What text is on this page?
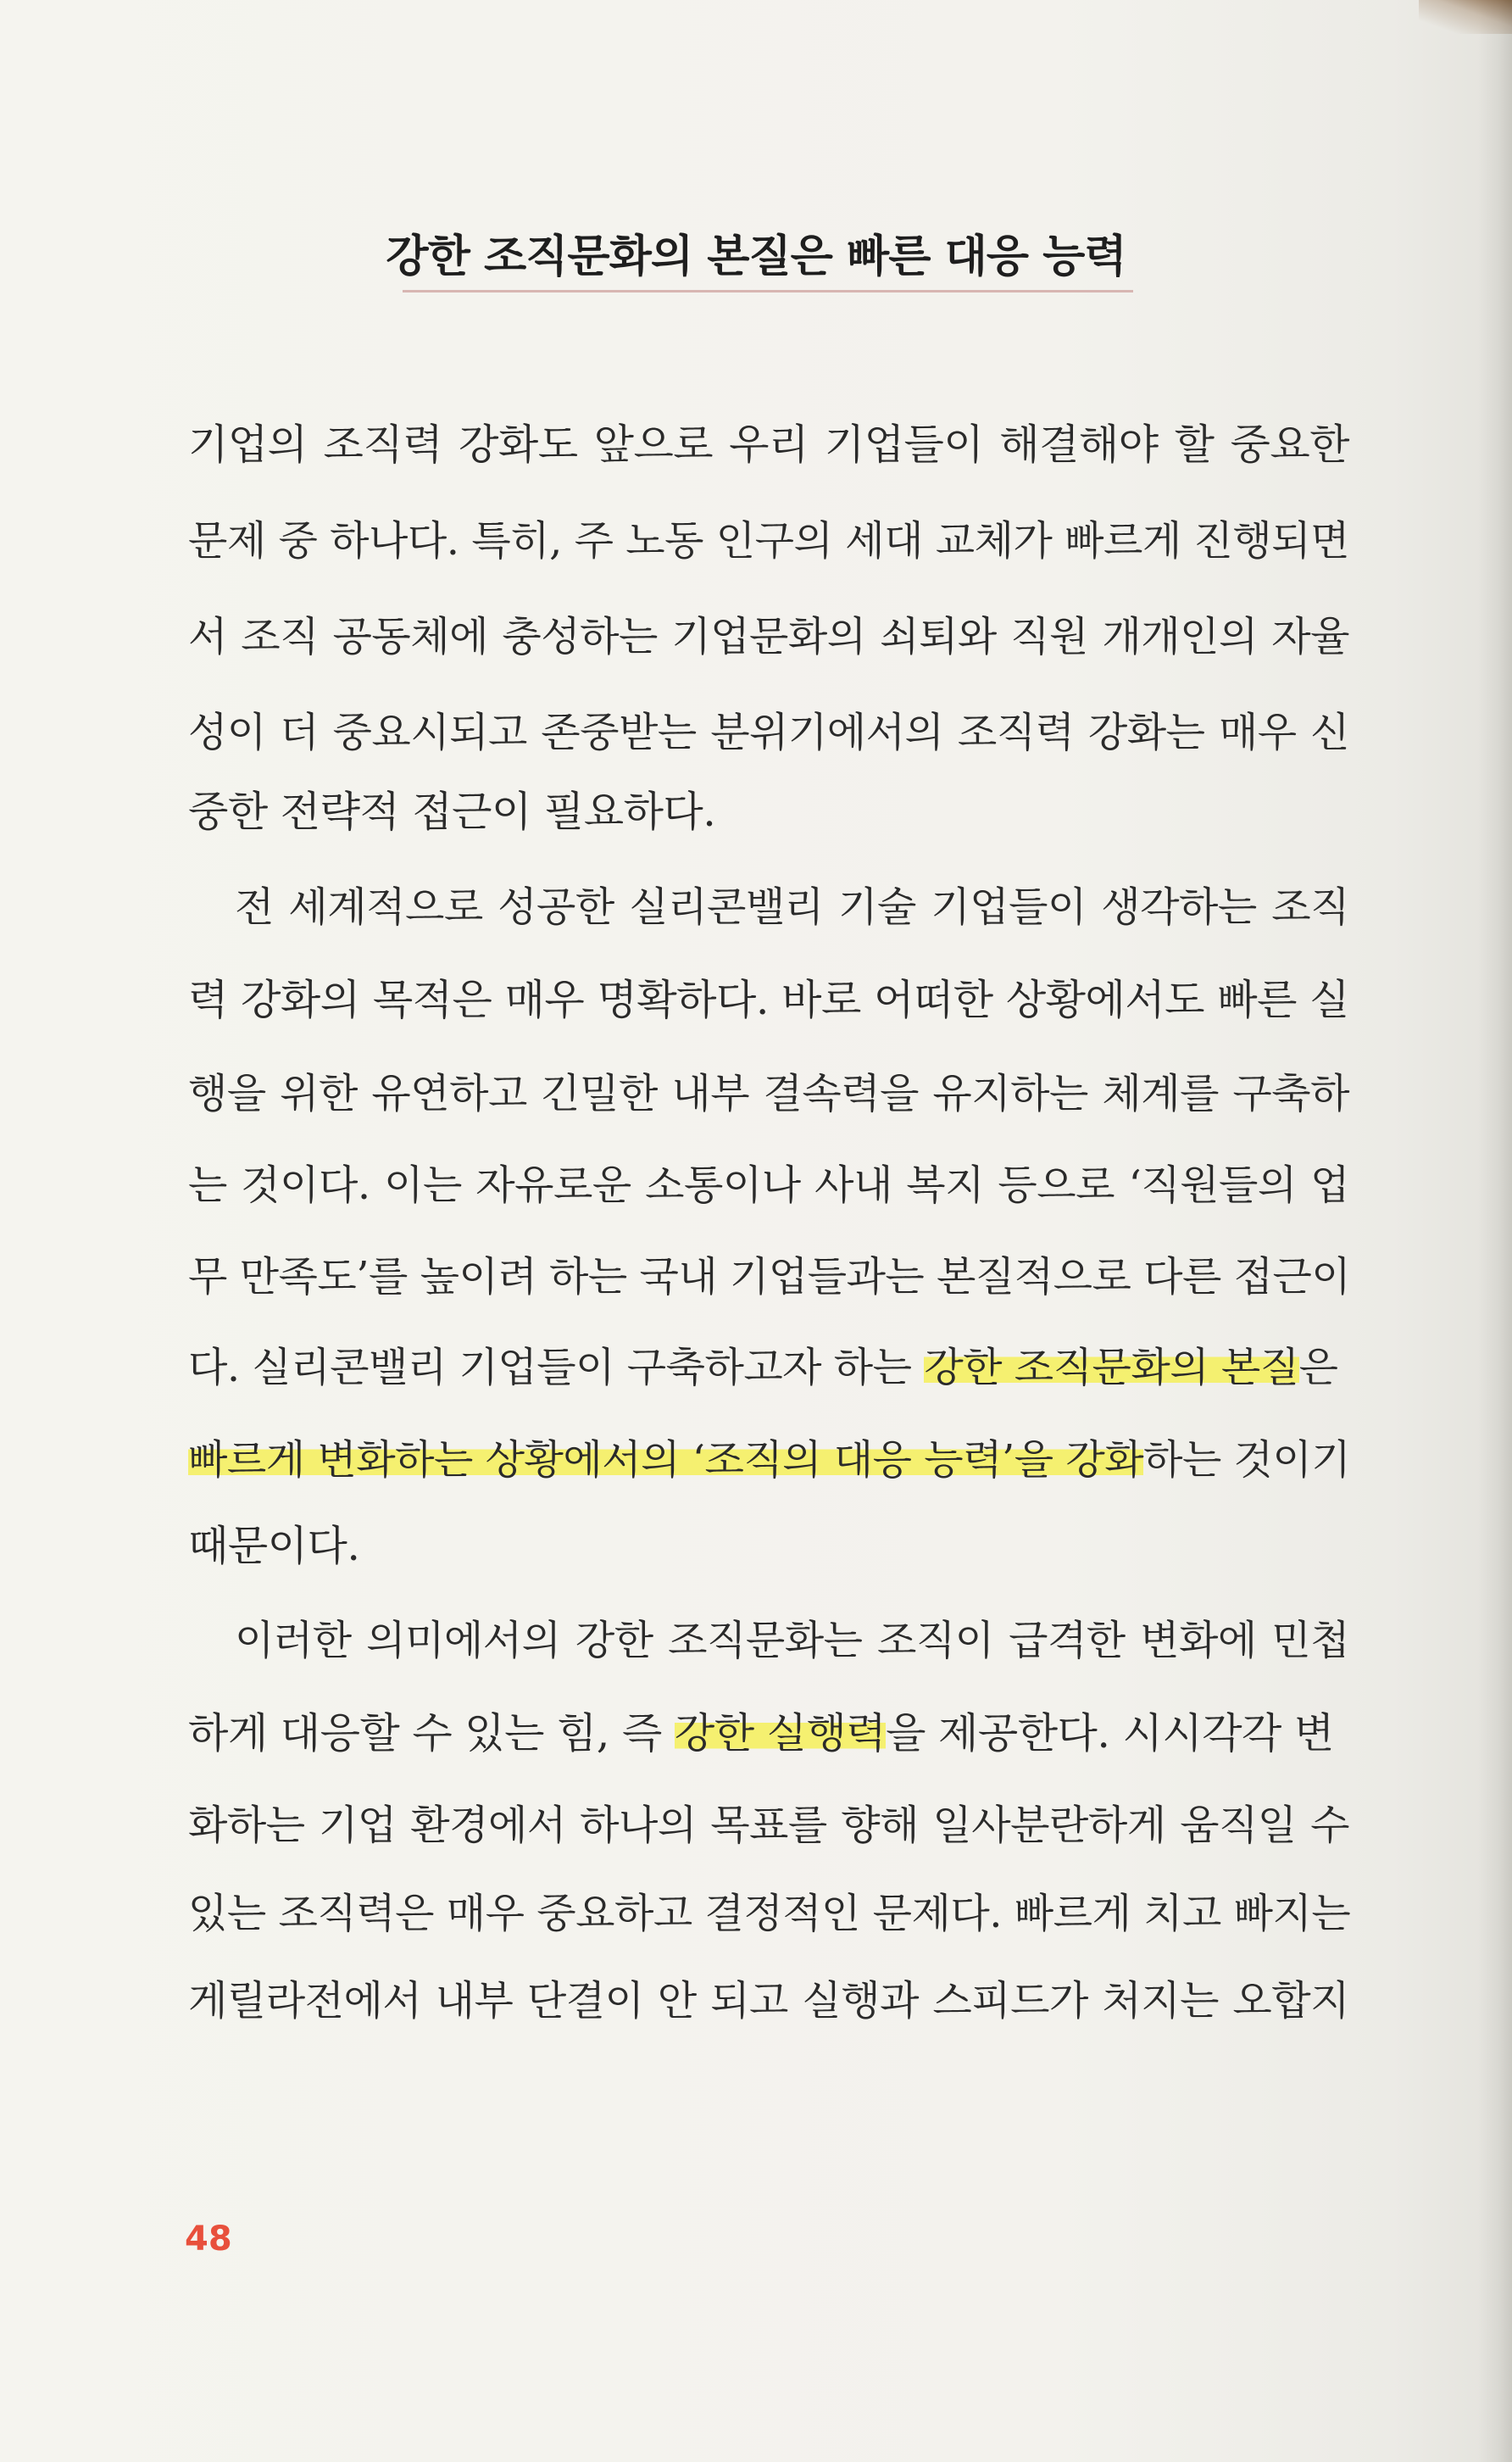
강한 조직문화의 본질은 빠른 대응 능력
기업의 조직력 강화도 앞으로 우리 기업들이 해결해야 할 중요한
문제 중 하나다. 특히, 주 노동 인구의 세대 교체가 빠르게 진행되면
서 조직 공동체에 충성하는 기업문화의 쇠퇴와 직원 개개인의 자율
성이 더 중요시되고 존중받는 분위기에서의 조직력 강화는 매우 신
중한 전략적 접근이 필요하다.
전 세계적으로 성공한 실리콘밸리 기술 기업들이 생각하는 조직
력 강화의 목적은 매우 명확하다. 바로 어떠한 상황에서도 빠른 실
행을 위한 유연하고 긴밀한 내부 결속력을 유지하는 체계를 구축하
는 것이다. 이는 자유로운 소통이나 사내 복지 등으로 ‘직원들의 업
무 만족도’를 높이려 하는 국내 기업들과는 본질적으로 다른 접근이
다. 실리콘밸리 기업들이 구축하고자 하는 강한 조직문화의 본질은
빠르게 변화하는 상황에서의 ‘조직의 대응 능력’을 강화하는 것이기
때문이다.
이러한 의미에서의 강한 조직문화는 조직이 급격한 변화에 민첩
하게 대응할 수 있는 힘, 즉 강한 실행력을 제공한다. 시시각각 변
화하는 기업 환경에서 하나의 목표를 향해 일사분란하게 움직일 수
있는 조직력은 매우 중요하고 결정적인 문제다. 빠르게 치고 빠지는
게릴라전에서 내부 단결이 안 되고 실행과 스피드가 처지는 오합지
48
